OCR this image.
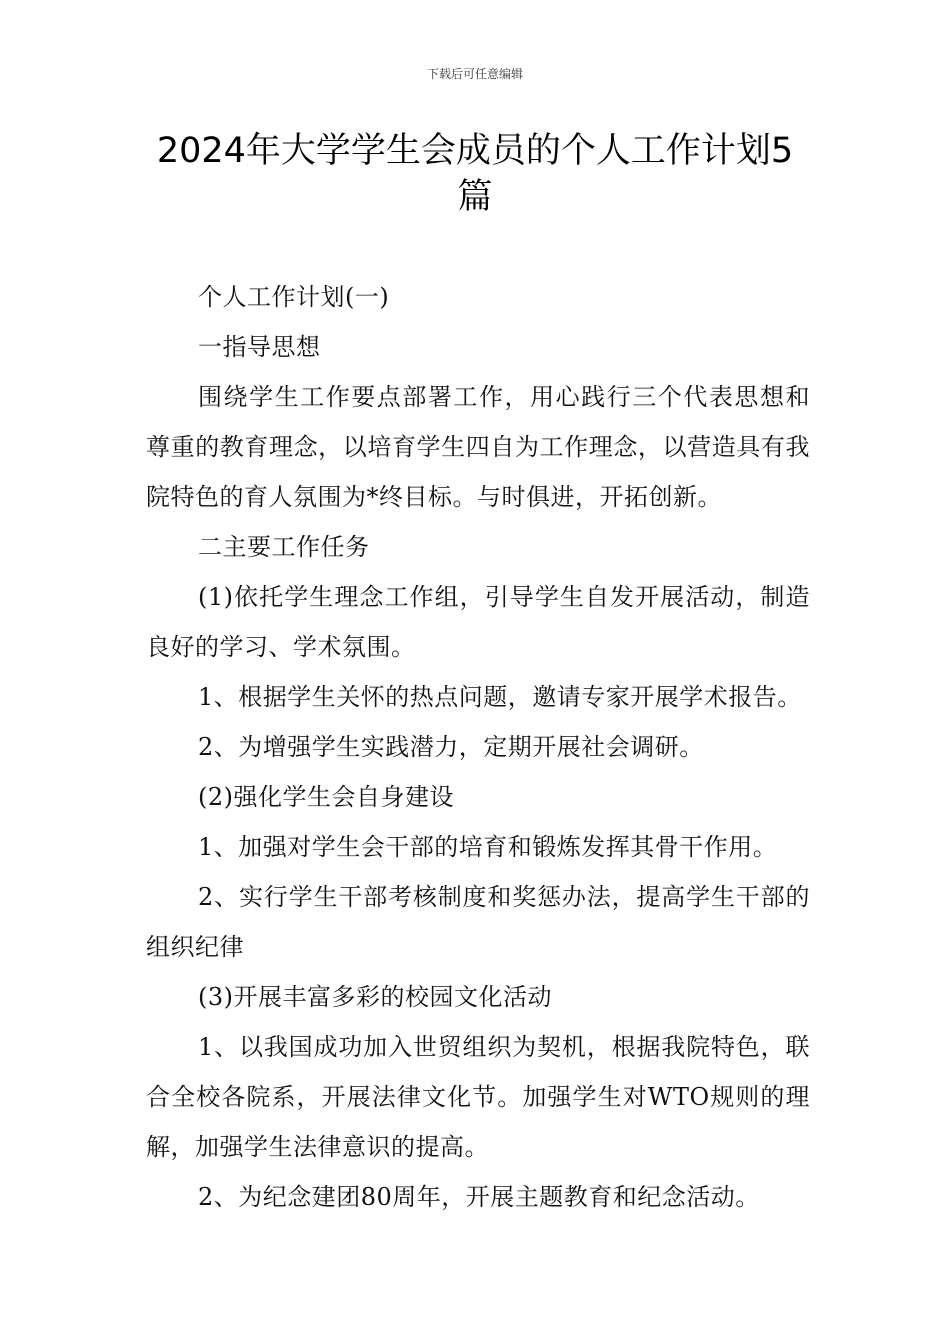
下载后可任意编辑
2024年大学学生会成员的个人工作计划5篇

个人工作计划(一)

一指导思想

围绕学生工作要点部署工作，用心践行三个代表思想和尊重的教育理念，以培育学生四自为工作理念，以营造具有我院特色的育人氛围为*终目标。与时俱进，开拓创新。

二主要工作任务

(1)依托学生理念工作组，引导学生自发开展活动，制造良好的学习、学术氛围。

1、根据学生关怀的热点问题，邀请专家开展学术报告。

2、为增强学生实践潜力，定期开展社会调研。

(2)强化学生会自身建设

1、加强对学生会干部的培育和锻炼发挥其骨干作用。

2、实行学生干部考核制度和奖惩办法，提高学生干部的组织纪律

(3)开展丰富多彩的校园文化活动

1、以我国成功加入世贸组织为契机，根据我院特色，联合全校各院系，开展法律文化节。加强学生对WTO规则的理解，加强学生法律意识的提高。

2、为纪念建团80周年，开展主题教育和纪念活动。
